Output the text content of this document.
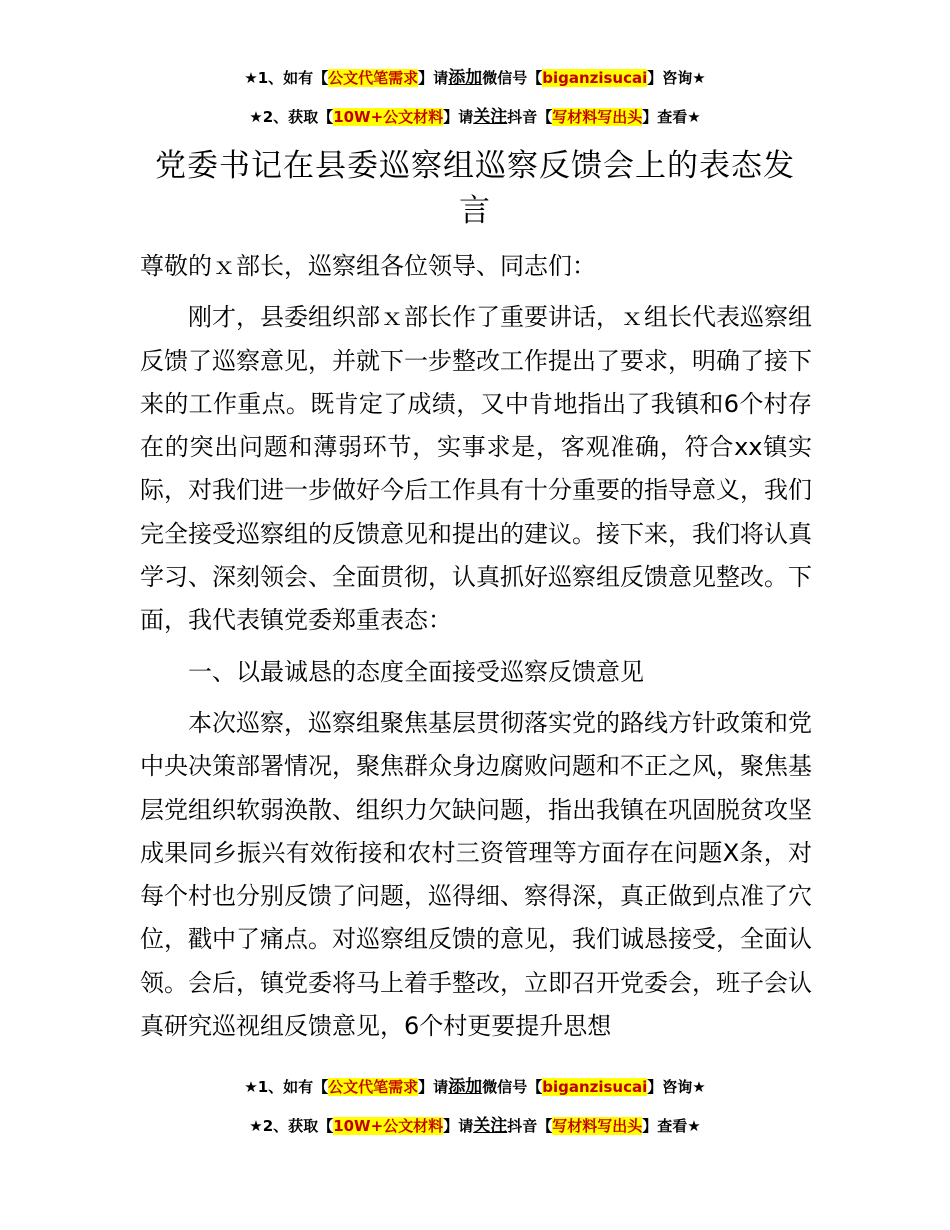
★1、如有【公文代笔需求】请添加微信号【biganzisucai】咨询★
★2、获取【10W+公文材料】请关注抖音【写材料写出头】查看★
党委书记在县委巡察组巡察反馈会上的表态发言

尊敬的ｘ部长，巡察组各位领导、同志们：

刚才，县委组织部ｘ部长作了重要讲话，ｘ组长代表巡察组反馈了巡察意见，并就下一步整改工作提出了要求，明确了接下来的工作重点。既肯定了成绩，又中肯地指出了我镇和6个村存在的突出问题和薄弱环节，实事求是，客观准确，符合xx镇实际，对我们进一步做好今后工作具有十分重要的指导意义，我们完全接受巡察组的反馈意见和提出的建议。接下来，我们将认真学习、深刻领会、全面贯彻，认真抓好巡察组反馈意见整改。下面，我代表镇党委郑重表态：

一、以最诚恳的态度全面接受巡察反馈意见

本次巡察，巡察组聚焦基层贯彻落实党的路线方针政策和党中央决策部署情况，聚焦群众身边腐败问题和不正之风，聚焦基层党组织软弱涣散、组织力欠缺问题，指出我镇在巩固脱贫攻坚成果同乡振兴有效衔接和农村三资管理等方面存在问题X条，对每个村也分别反馈了问题，巡得细、察得深，真正做到点准了穴位，戳中了痛点。对巡察组反馈的意见，我们诚恳接受，全面认领。会后，镇党委将马上着手整改，立即召开党委会，班子会认真研究巡视组反馈意见，6个村更要提升思想

★1、如有【公文代笔需求】请添加微信号【biganzisucai】咨询★
★2、获取【10W+公文材料】请关注抖音【写材料写出头】查看★
